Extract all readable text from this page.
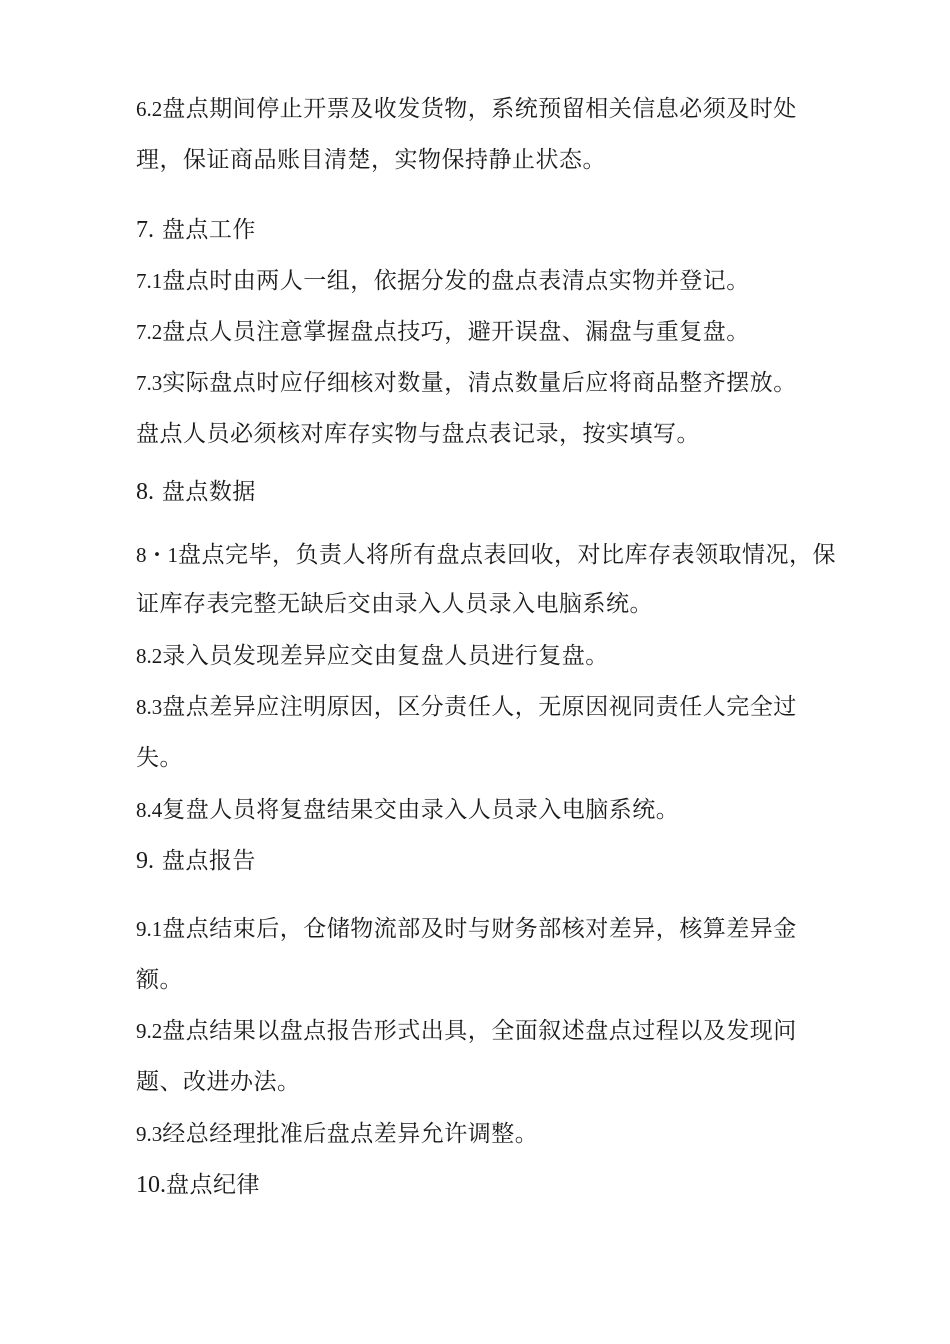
6.2盘点期间停止开票及收发货物，系统预留相关信息必须及时处
理，保证商品账目清楚，实物保持静止状态。
7. 盘点工作
7.1盘点时由两人一组，依据分发的盘点表清点实物并登记。
7.2盘点人员注意掌握盘点技巧，避开误盘、漏盘与重复盘。
7.3实际盘点时应仔细核对数量，清点数量后应将商品整齐摆放。
盘点人员必须核对库存实物与盘点表记录，按实填写。
8. 盘点数据
8・1盘点完毕，负责人将所有盘点表回收，对比库存表领取情况，保
证库存表完整无缺后交由录入人员录入电脑系统。
8.2录入员发现差异应交由复盘人员进行复盘。
8.3盘点差异应注明原因，区分责任人，无原因视同责任人完全过
失。
8.4复盘人员将复盘结果交由录入人员录入电脑系统。
9. 盘点报告
9.1盘点结束后，仓储物流部及时与财务部核对差异，核算差异金
额。
9.2盘点结果以盘点报告形式出具，全面叙述盘点过程以及发现问
题、改进办法。
9.3经总经理批准后盘点差异允许调整。
10.盘点纪律
